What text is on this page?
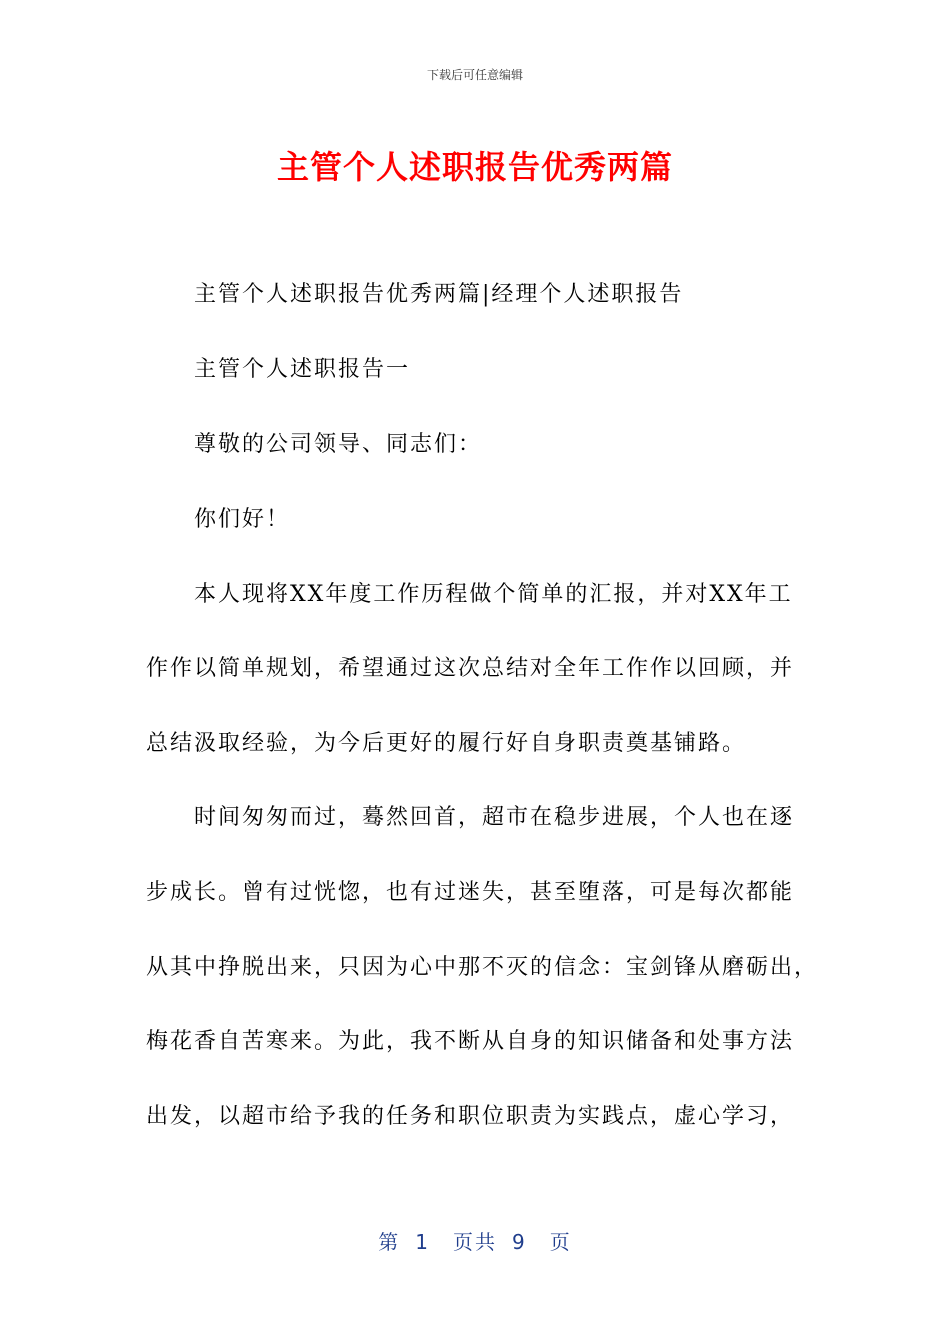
下载后可任意编辑
主管个人述职报告优秀两篇
主管个人述职报告优秀两篇|经理个人述职报告
主管个人述职报告一
尊敬的公司领导、同志们：
你们好！
本人现将XX年度工作历程做个简单的汇报，并对XX年工
作作以简单规划，希望通过这次总结对全年工作作以回顾，并
总结汲取经验，为今后更好的履行好自身职责奠基铺路。
时间匆匆而过，蓦然回首，超市在稳步进展，个人也在逐
步成长。曾有过恍惚，也有过迷失，甚至堕落，可是每次都能
从其中挣脱出来，只因为心中那不灭的信念：宝剑锋从磨砺出，
梅花香自苦寒来。为此，我不断从自身的知识储备和处事方法
出发，以超市给予我的任务和职位职责为实践点，虚心学习，
第 1 页共 9 页
